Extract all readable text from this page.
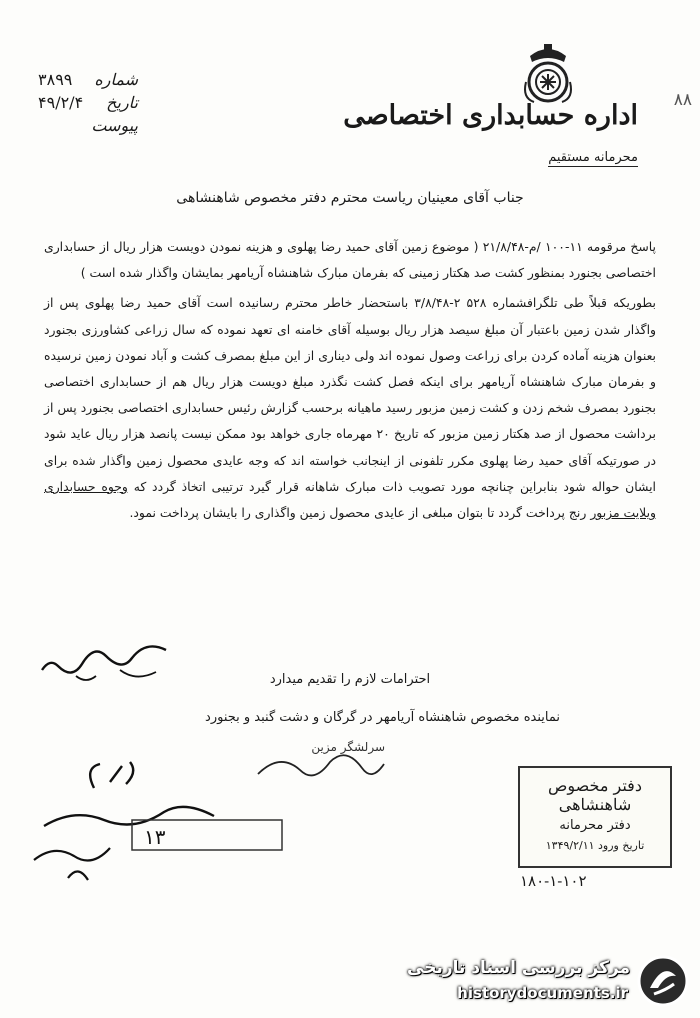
۸۸
اداره حسابداری اختصاصی
محرمانه مستقیم
شماره
۳۸۹۹
تاریخ
۴۹/۲/۴
پیوست
جناب آقای معینیان ریاست محترم دفتر مخصوص شاهنشاهی

پاسخ مرقومه ۱۱-۱۰۰ /م-۲۱/۸/۴۸ ( موضوع زمین آقای حمید رضا پهلوی و هزینه نمودن دویست هزار ریال از حسابداری اختصاصی بجنورد بمنظور کشت صد هکتار زمینی که بفرمان مبارک شاهنشاه آریامهر بمایشان واگذار شده است )

بطوریکه قبلاً طی تلگرافشماره ۵۲۸ ۲-۳/۸/۴۸ باستحضار خاطر محترم رسانیده است آقای حمید رضا پهلوی پس از واگذار شدن زمین باعتبار آن مبلغ سیصد هزار ریال بوسیله آقای خامنه ای تعهد نموده که سال زراعی کشاورزی بجنورد بعنوان هزینه آماده کردن برای زراعت وصول نموده اند ولی دیناری از این مبلغ بمصرف کشت و آباد نمودن زمین نرسیده و بفرمان مبارک شاهنشاه آریامهر برای اینکه فصل کشت نگذرد مبلغ دویست هزار ریال هم از حسابداری اختصاصی بجنورد بمصرف شخم زدن و کشت زمین مزبور رسید ماهیانه برحسب گزارش رئیس حسابداری اختصاصی بجنورد پس از برداشت محصول از صد هکتار زمین مزبور که تاریخ ۲۰ مهرماه جاری خواهد بود ممکن نیست پانصد هزار ریال عاید شود در صورتیکه آقای حمید رضا پهلوی مکرر تلفونی از اینجانب خواسته اند که وجه عایدی محصول زمین واگذار شده برای ایشان حواله شود بنابراین چنانچه مورد تصویب ذات مبارک شاهانه قرار گیرد ترتیبی اتخاذ گردد که وجوه حسابداری ویلایت مزبور رنج پرداخت گردد تا بتوان مبلغی از عایدی محصول زمین واگذاری را بایشان پرداخت نمود.

احترامات لازم را تقدیم میدارد
نماینده مخصوص شاهنشاه آریامهر در گرگان و دشت گنبد و بجنورد
سرلشگر مزین
۱۳
دفتر مخصوص شاهنشاهی
دفتر محرمانه
تاریخ ورود ۱۳۴۹/۲/۱۱
۱۸۰-۱-۱۰۲
مرکز بررسی اسناد تاریخی
historydocuments.ir
